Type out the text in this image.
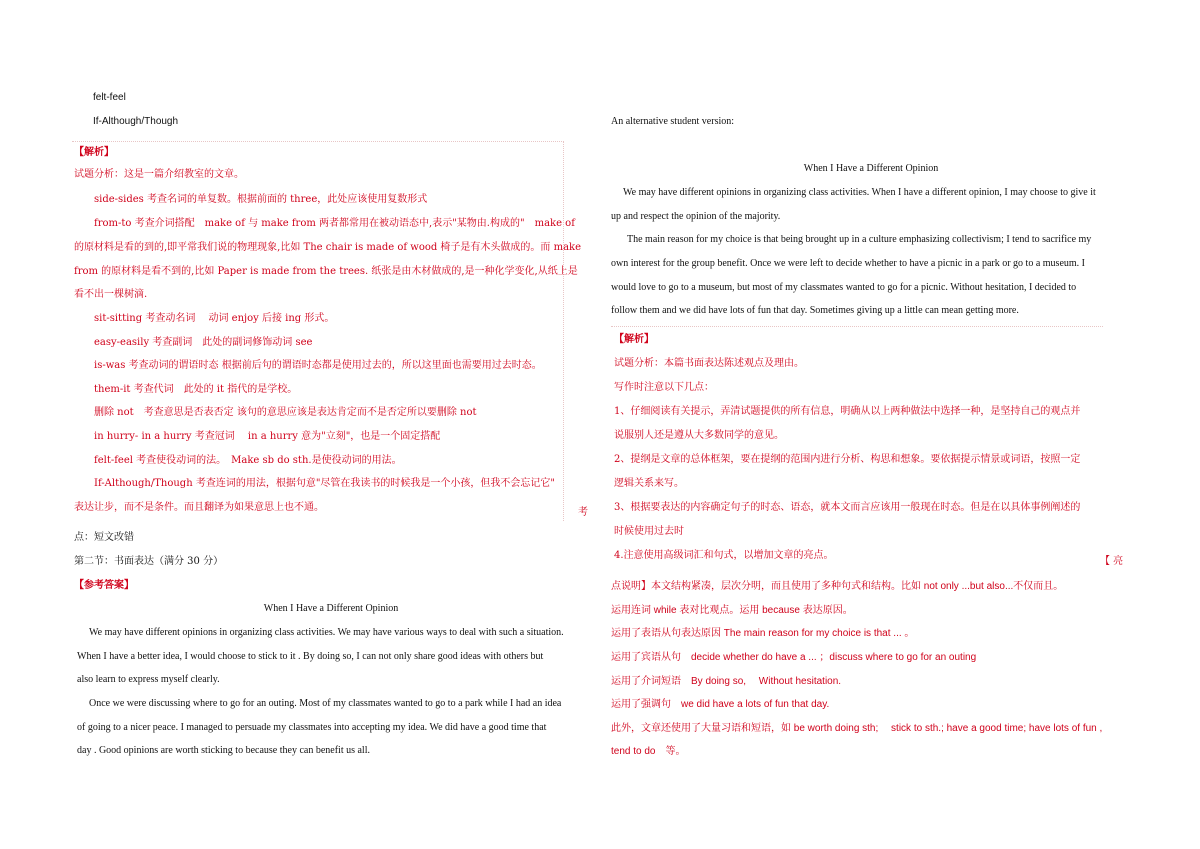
felt-feel
If-Although/Though
【解析】
试题分析：这是一篇介绍教室的文章。
side-sides 考查名词的单复数。根据前面的 three，此处应该使用复数形式
from-to 考查介词搭配　make of 与 make from 两者都常用在被动语态中,表示"某物由.构成的"　make of
的原材料是看的到的,即平常我们说的物理现象,比如 The chair is made of wood 椅子是有木头做成的。而 make
from 的原材料是看不到的,比如 Paper is made from the trees. 纸张是由木材做成的,是一种化学变化,从纸上是
看不出一棵树滴.
sit-sitting 考查动名词　 动词 enjoy 后接 ing 形式。
easy-easily 考查副词　此处的副词修饰动词 see
is-was 考查动词的谓语时态 根据前后句的谓语时态都是使用过去的，所以这里面也需要用过去时态。
them-it 考查代词　此处的 it 指代的是学校。
删除 not　考查意思是否表否定 该句的意思应该是表达肯定而不是否定所以要删除 not
in hurry- in a hurry 考查冠词　 in a hurry 意为"立刻"，也是一个固定搭配
felt-feel 考查使役动词的法。　Make sb do sth.是使役动词的用法。
If-Although/Though 考查连词的用法，根据句意"尽管在我读书的时候我是一个小孩，但我不会忘记它"
表达让步，而不是条件。而且翻译为如果意思上也不通。	考
点：短文改错
第二节：书面表达（满分 30 分）
【参考答案】
When I Have a Different Opinion
We may have different opinions in organizing class activities. We may have various ways to deal with such a situation.
When I have a better idea, I would choose to stick to it . By doing so, I can not only share good ideas with others but
also learn to express myself clearly.
Once we were discussing where to go for an outing. Most of my classmates wanted to go to a park while I had an idea
of going to a nicer peace. I managed to persuade my classmates into accepting my idea. We did have a good time that
day . Good opinions are worth sticking to because they can benefit us all.
An alternative student version:
When I Have a Different Opinion
We may have different opinions in organizing class activities. When I have a different opinion, I may choose to give it
up and respect the opinion of the majority.
The main reason for my choice is that being brought up in a culture emphasizing collectivism; I tend to sacrifice my
own interest for the group benefit. Once we were left to decide whether to have a picnic in a park or go to a museum. I
would love to go to a museum, but most of my classmates wanted to go for a picnic. Without hesitation, I decided to
follow them and we did have lots of fun that day. Sometimes giving up a little can mean getting more.
【解析】
试题分析：本篇书面表达陈述观点及理由。
写作时注意以下几点：
1、仔细阅读有关提示，弄清试题提供的所有信息，明确从以上两种做法中选择一种，是坚持自己的观点并
说服别人还是遵从大多数同学的意见。
2、提纲是文章的总体框架，要在提纲的范围内进行分析、构思和想象。要依据提示情景或词语，按照一定
逻辑关系来写。
3、根据要表达的内容确定句子的时态、语态，就本文而言应该用一般现在时态。但是在以具体事例阐述的
时候使用过去时
4.注意使用高级词汇和句式，以增加文章的亮点。
【 亮
点说明】本文结构紧凑，层次分明，而且使用了多种句式和结构。比如 not only ...but also...不仅而且。
运用连词 while 表对比观点。运用 because 表达原因。
运用了表语从句表达原因 The main reason for my choice is that ... 。
运用了宾语从句　decide whether do have a ... ；discuss where to go for an outing
运用了介词短语　By doing so,　 Without hesitation.
运用了强调句　we did have a lots of fun that day.
此外，文章还使用了大量习语和短语，如 be worth doing sth;　 stick to sth.; have a good time; have lots of fun ,
tend to do　等。
